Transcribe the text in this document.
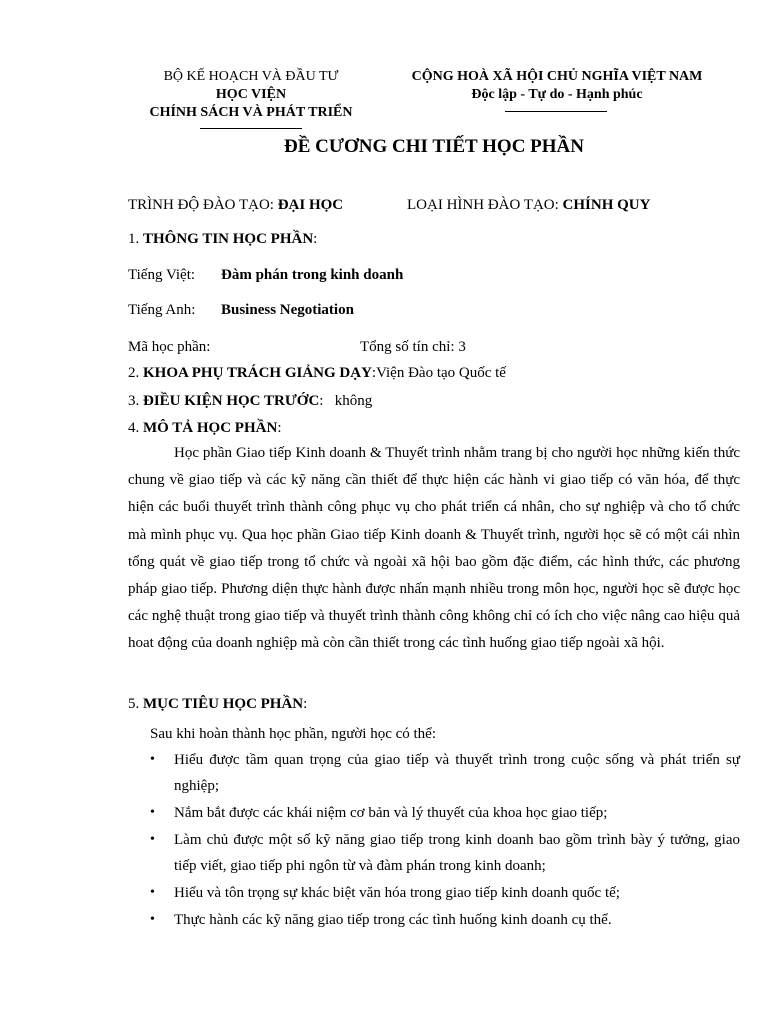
BỘ KẾ HOẠCH VÀ ĐẦU TƯ
HỌC VIỆN
CHÍNH SÁCH VÀ PHÁT TRIỂN
CỘNG HOÀ XÃ HỘI CHỦ NGHĨA VIỆT NAM
Độc lập - Tự do - Hạnh phúc
ĐỀ CƯƠNG CHI TIẾT HỌC PHẦN
TRÌNH ĐỘ ĐÀO TẠO: ĐẠI HỌC	LOẠI HÌNH ĐÀO TẠO: CHÍNH QUY
1. THÔNG TIN HỌC PHẦN:
Tiếng Việt: Đàm phán trong kinh doanh
Tiếng Anh: Business Negotiation
Mã học phần:	Tổng số tín chỉ: 3
2. KHOA PHỤ TRÁCH GIẢNG DẠY:Viện Đào tạo Quốc tế
3. ĐIỀU KIỆN HỌC TRƯỚC:   không
4. MÔ TẢ HỌC PHẦN:
Học phần Giao tiếp Kinh doanh & Thuyết trình nhằm trang bị cho người học những kiến thức chung về giao tiếp và các kỹ năng cần thiết để thực hiện các hành vi giao tiếp có văn hóa, để thực hiện các buổi thuyết trình thành công phục vụ cho phát triển cá nhân, cho sự nghiệp và cho tổ chức mà mình phục vụ. Qua học phần Giao tiếp Kinh doanh & Thuyết trình, người học sẽ có một cái nhìn tổng quát về giao tiếp trong tổ chức và ngoài xã hội bao gồm đặc điểm, các hình thức, các phương pháp giao tiếp. Phương diện thực hành được nhấn mạnh nhiều trong môn học, người học sẽ được học các nghệ thuật trong giao tiếp và thuyết trình thành công không chỉ có ích cho việc nâng cao hiệu quả hoat động của doanh nghiệp mà còn cần thiết trong các tình huống giao tiếp ngoài xã hội.
5. MỤC TIÊU HỌC PHẦN:
Sau khi hoàn thành học phần, người học có thể:
•	Hiểu được tầm quan trọng của giao tiếp và thuyết trình trong cuộc sống và phát triển sự nghiệp;
•	Nắm bắt được các khái niệm cơ bản và lý thuyết của khoa học giao tiếp;
•	Làm chủ được một số kỹ năng giao tiếp trong kinh doanh bao gồm trình bày ý tưởng, giao tiếp viết, giao tiếp phi ngôn từ và đàm phán trong kinh doanh;
•	Hiểu và tôn trọng sự khác biệt văn hóa trong giao tiếp kinh doanh quốc tế;
•	Thực hành các kỹ năng giao tiếp trong các tình huống kinh doanh cụ thể.
